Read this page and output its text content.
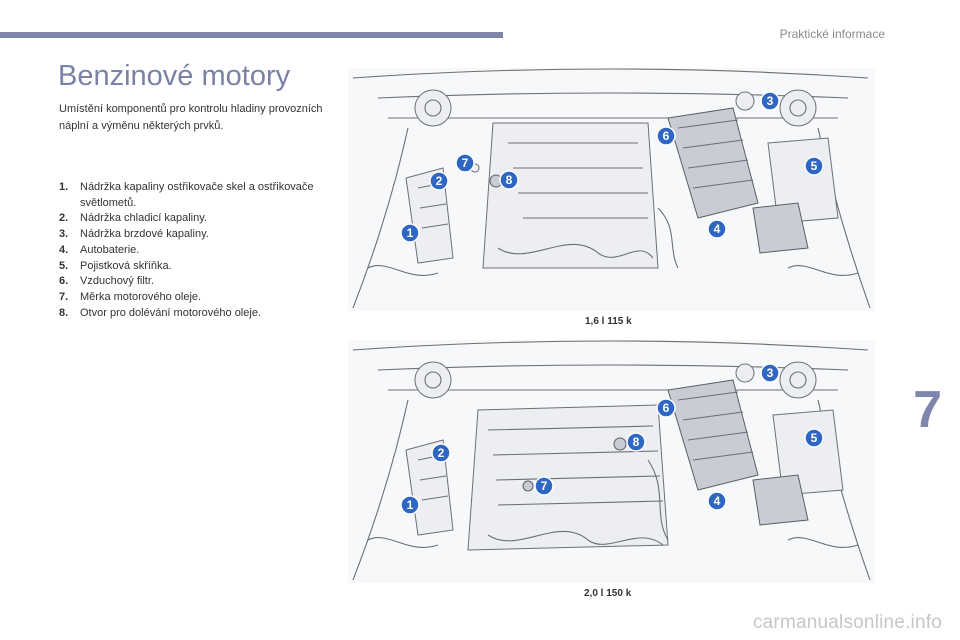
Praktické informace
Benzinové motory

Umístění komponentů pro kontrolu hladiny provozních náplní a výměnu některých prvků.

1.	Nádržka kapaliny ostřikovače skel a ostřikovače světlometů.
2.	Nádržka chladicí kapaliny.
3.	Nádržka brzdové kapaliny.
4.	Autobaterie.
5.	Pojistková skříňka.
6.	Vzduchový filtr.
7.	Měrka motorového oleje.
8.	Otvor pro dolévání motorového oleje.
1
2
3
4
5
6
7
8
1,6 l 115 k
1
2
3
4
5
6
7
8
2,0 l 150 k
7
carmanualsonline.info
